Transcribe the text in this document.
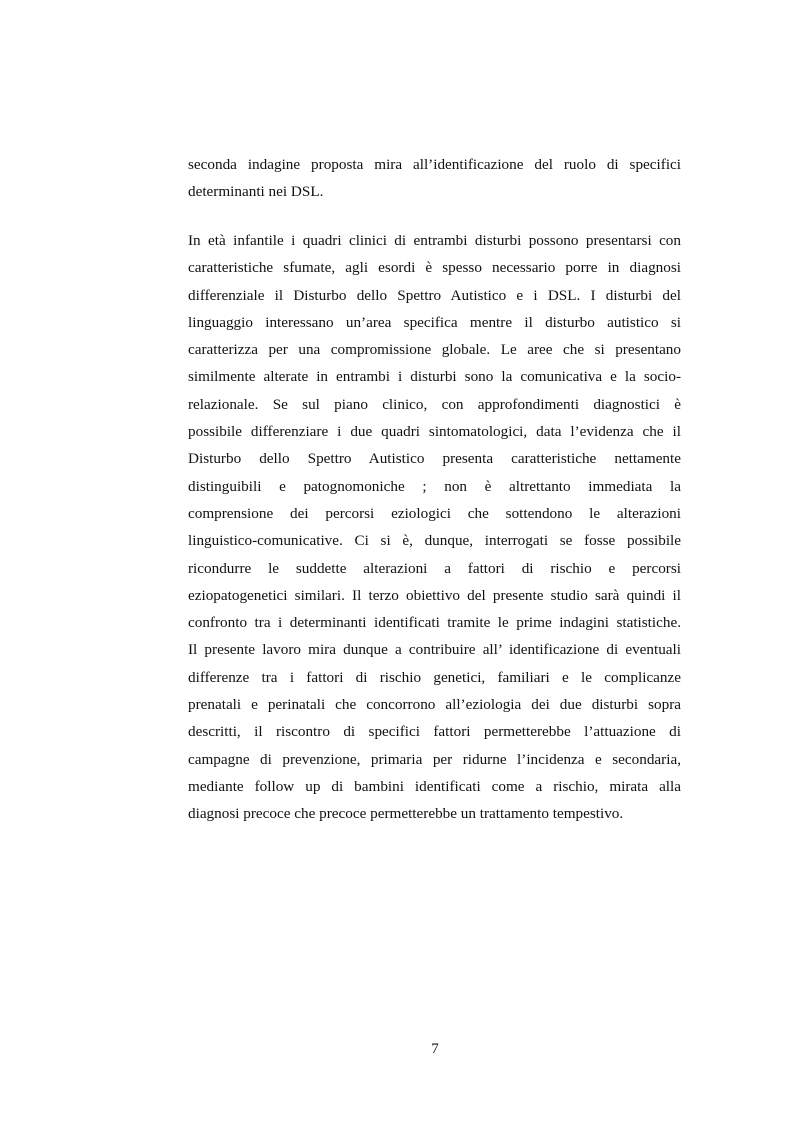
seconda indagine proposta mira all’identificazione del ruolo di specifici
determinanti nei DSL.
In età infantile i quadri clinici di entrambi disturbi possono presentarsi con
caratteristiche sfumate, agli esordi è spesso necessario porre in diagnosi
differenziale il Disturbo dello Spettro Autistico e i DSL. I disturbi del
linguaggio interessano un’area specifica mentre il disturbo autistico si
caratterizza per una compromissione globale. Le aree che si presentano
similmente alterate in entrambi i disturbi sono la comunicativa e la socio-
relazionale. Se sul piano clinico, con approfondimenti diagnostici è
possibile differenziare i due quadri sintomatologici, data l’evidenza che il
Disturbo dello Spettro Autistico presenta caratteristiche nettamente
distinguibili e patognomoniche ; non è altrettanto immediata la
comprensione dei percorsi eziologici che sottendono le alterazioni
linguistico-comunicative. Ci si è, dunque, interrogati se fosse possibile
ricondurre le suddette alterazioni a fattori di rischio e percorsi
eziopatogenetici similari. Il terzo obiettivo del presente studio sarà quindi il
confronto tra i determinanti identificati tramite le prime indagini statistiche.
Il presente lavoro mira dunque a contribuire all’ identificazione di eventuali
differenze tra i fattori di rischio genetici, familiari e le complicanze
prenatali e perinatali che concorrono all’eziologia dei due disturbi sopra
descritti, il riscontro di specifici fattori permetterebbe l’attuazione di
campagne di prevenzione, primaria per ridurne l’incidenza e secondaria,
mediante follow up di bambini identificati come a rischio, mirata alla
diagnosi precoce che precoce permetterebbe un trattamento tempestivo.
7
